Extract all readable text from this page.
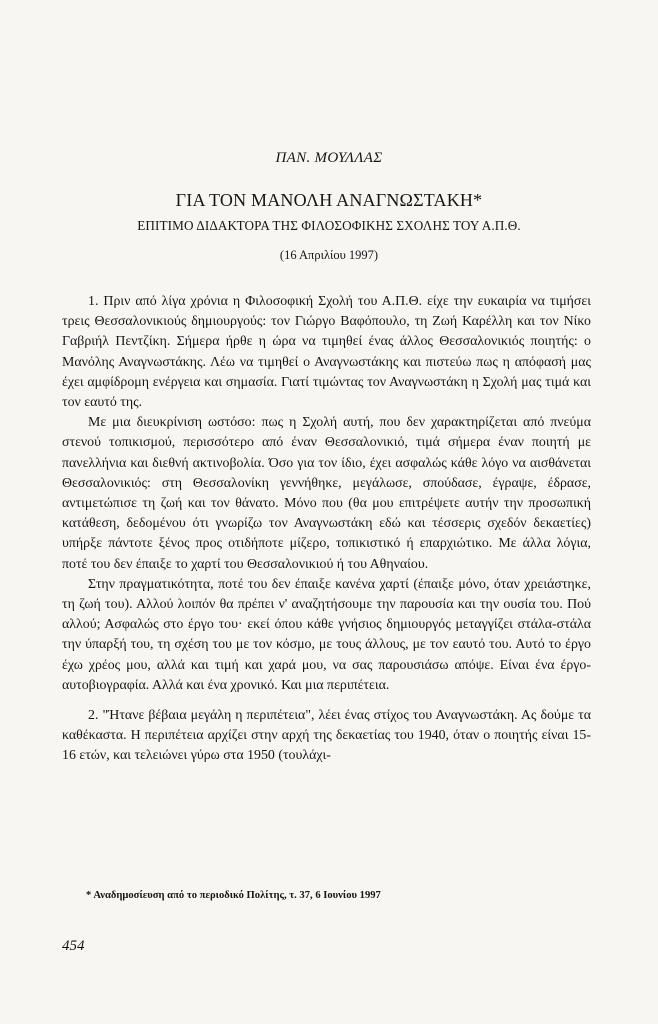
ΠΑΝ. ΜΟΥΛΛΑΣ
ΓΙΑ ΤΟΝ ΜΑΝΟΛΗ ΑΝΑΓΝΩΣΤΑΚΗ*
ΕΠΙΤΙΜΟ ΔΙΔΑΚΤΟΡΑ ΤΗΣ ΦΙΛΟΣΟΦΙΚΗΣ ΣΧΟΛΗΣ ΤΟΥ Α.Π.Θ.
(16 Απριλίου 1997)

1. Πριν από λίγα χρόνια η Φιλοσοφική Σχολή του Α.Π.Θ. είχε την ευκαιρία να τιμήσει τρεις Θεσσαλονικιούς δημιουργούς: τον Γιώργο Βαφόπουλο, τη Ζωή Καρέλλη και τον Νίκο Γαβριήλ Πεντζίκη. Σήμερα ήρθε η ώρα να τιμηθεί ένας άλλος Θεσσαλονικιός ποιητής: ο Μανόλης Αναγνωστάκης. Λέω να τιμηθεί ο Αναγνωστάκης και πιστεύω πως η απόφασή μας έχει αμφίδρομη ενέργεια και σημασία. Γιατί τιμώντας τον Αναγνωστάκη η Σχολή μας τιμά και τον εαυτό της.

Με μια διευκρίνιση ωστόσο: πως η Σχολή αυτή, που δεν χαρακτηρίζεται από πνεύμα στενού τοπικισμού, περισσότερο από έναν Θεσσαλονικιό, τιμά σήμερα έναν ποιητή με πανελλήνια και διεθνή ακτινοβολία. Όσο για τον ίδιο, έχει ασφαλώς κάθε λόγο να αισθάνεται Θεσσαλονικιός: στη Θεσσαλονίκη γεννήθηκε, μεγάλωσε, σπούδασε, έγραψε, έδρασε, αντιμετώπισε τη ζωή και τον θάνατο. Μόνο που (θα μου επιτρέψετε αυτήν την προσωπική κατάθεση, δεδομένου ότι γνωρίζω τον Αναγνωστάκη εδώ και τέσσερις σχεδόν δεκαετίες) υπήρξε πάντοτε ξένος προς οτιδήποτε μίζερο, τοπικιστικό ή επαρχιώτικο. Με άλλα λόγια, ποτέ του δεν έπαιξε το χαρτί του Θεσσαλονικιού ή του Αθηναίου.

Στην πραγματικότητα, ποτέ του δεν έπαιξε κανένα χαρτί (έπαιξε μόνο, όταν χρειάστηκε, τη ζωή του). Αλλού λοιπόν θα πρέπει ν' αναζητήσουμε την παρουσία και την ουσία του. Πού αλλού; Ασφαλώς στο έργο του· εκεί όπου κάθε γνήσιος δημιουργός μεταγγίζει στάλα-στάλα την ύπαρξή του, τη σχέση του με τον κόσμο, με τους άλλους, με τον εαυτό του. Αυτό το έργο έχω χρέος μου, αλλά και τιμή και χαρά μου, να σας παρουσιάσω απόψε. Είναι ένα έργο-αυτοβιογραφία. Αλλά και ένα χρονικό. Και μια περιπέτεια.

2. "Ήτανε βέβαια μεγάλη η περιπέτεια", λέει ένας στίχος του Αναγνωστάκη. Ας δούμε τα καθέκαστα. Η περιπέτεια αρχίζει στην αρχή της δεκαετίας του 1940, όταν ο ποιητής είναι 15-16 ετών, και τελειώνει γύρω στα 1950 (τουλάχι-

* Αναδημοσίευση από το περιοδικό Πολίτης, τ. 37, 6 Ιουνίου 1997
454
